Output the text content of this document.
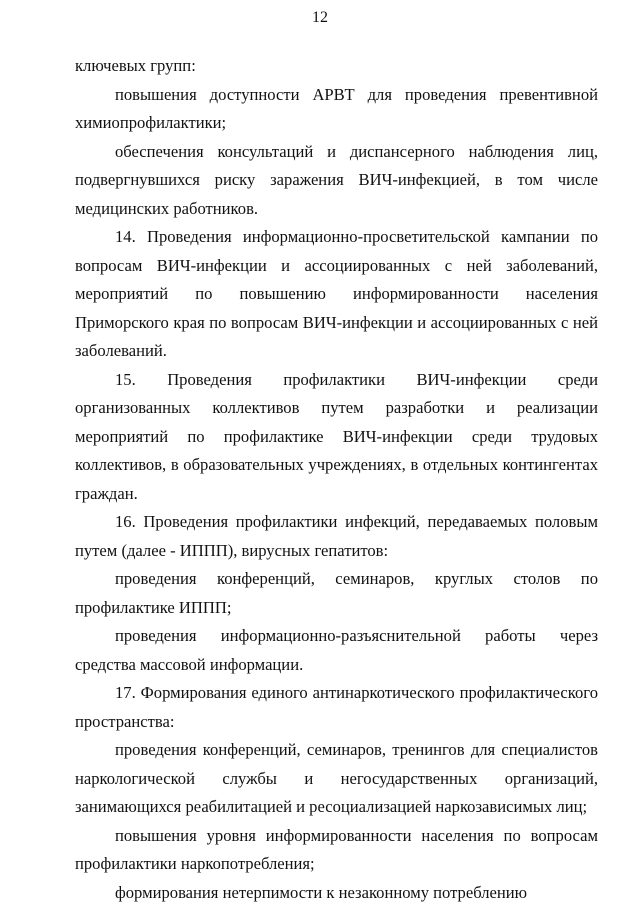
12

ключевых групп:

повышения доступности АРВТ для проведения превентивной химиопрофилактики;

обеспечения консультаций и диспансерного наблюдения лиц, подвергнувшихся риску заражения ВИЧ-инфекцией, в том числе медицинских работников.

14. Проведения информационно-просветительской кампании по вопросам ВИЧ-инфекции и ассоциированных с ней заболеваний, мероприятий по повышению информированности населения Приморского края по вопросам ВИЧ-инфекции и ассоциированных с ней заболеваний.

15. Проведения профилактики ВИЧ-инфекции среди организованных коллективов путем разработки и реализации мероприятий по профилактике ВИЧ-инфекции среди трудовых коллективов, в образовательных учреждениях, в отдельных контингентах граждан.

16. Проведения профилактики инфекций, передаваемых половым путем (далее - ИППП), вирусных гепатитов:

проведения конференций, семинаров, круглых столов по профилактике ИППП;

проведения информационно-разъяснительной работы через средства массовой информации.

17. Формирования единого антинаркотического профилактического пространства:

проведения конференций, семинаров, тренингов для специалистов наркологической службы и негосударственных организаций, занимающихся реабилитацией и ресоциализацией наркозависимых лиц;

повышения уровня информированности населения по вопросам профилактики наркопотребления;

формирования нетерпимости к незаконному потреблению
